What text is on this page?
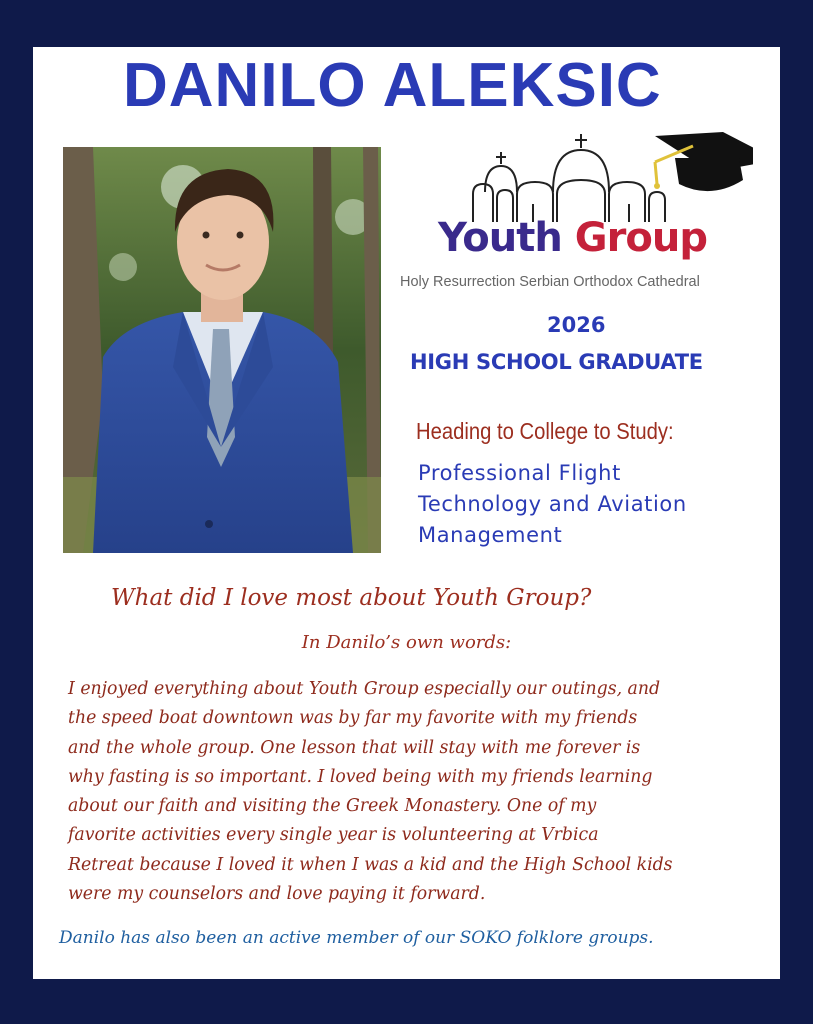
DANILO ALEKSIC
Youth Group
Holy Resurrection Serbian Orthodox Cathedral
2026
HIGH SCHOOL GRADUATE
Heading to College to Study:
Professional Flight
Technology and Aviation
Management
What did I love most about Youth Group?
In Danilo’s own words:
I enjoyed everything about Youth Group especially our outings, and
the speed boat downtown was by far my favorite with my friends
and the whole group. One lesson that will stay with me forever is
why fasting is so important. I loved being with my friends learning
about our faith and visiting the Greek Monastery. One of my
favorite activities every single year is volunteering at Vrbica
Retreat because I loved it when I was a kid and the High School kids
were my counselors and love paying it forward.
Danilo has also been an active member of our SOKO folklore groups.
